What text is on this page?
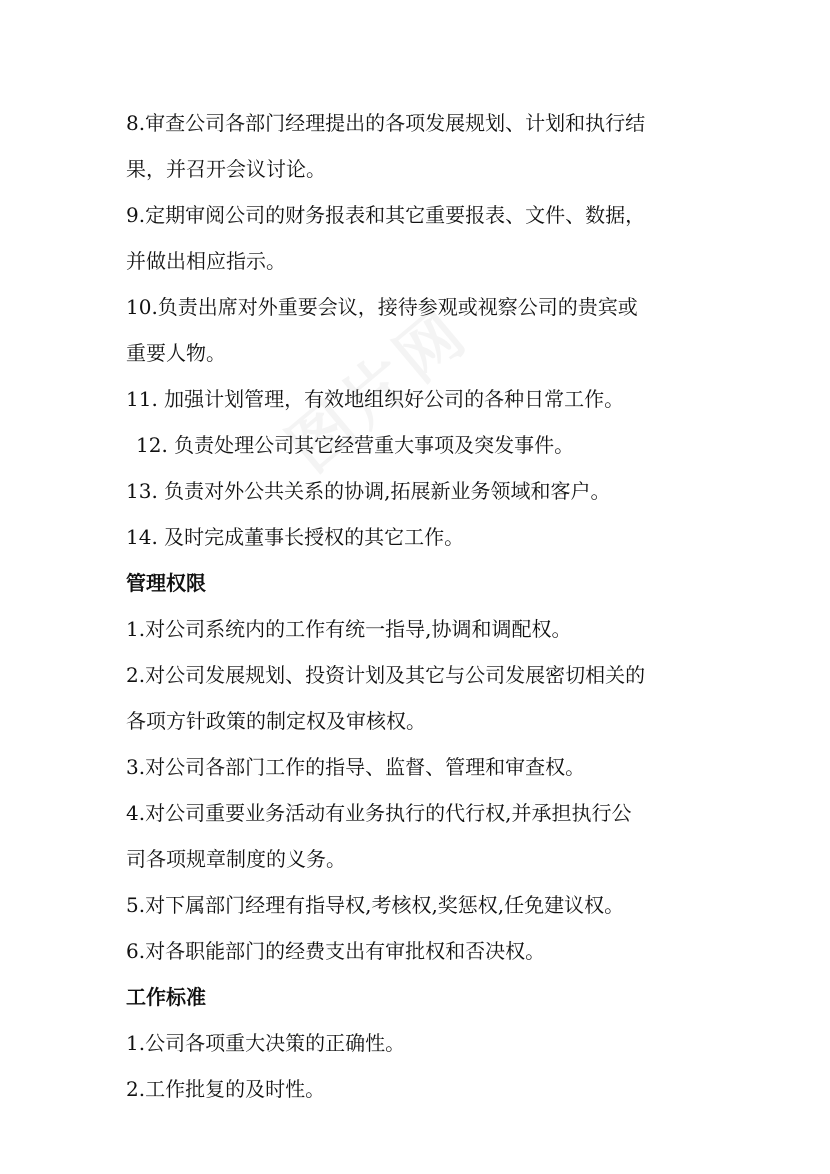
8.审查公司各部门经理提出的各项发展规划、计划和执行结
果，并召开会议讨论。
9.定期审阅公司的财务报表和其它重要报表、文件、数据，
并做出相应指示。
10.负责出席对外重要会议，接待参观或视察公司的贵宾或
重要人物。
11. 加强计划管理，有效地组织好公司的各种日常工作。
12. 负责处理公司其它经营重大事项及突发事件。
13. 负责对外公共关系的协调,拓展新业务领域和客户。
14. 及时完成董事长授权的其它工作。
管理权限
1.对公司系统内的工作有统一指导,协调和调配权。
2.对公司发展规划、投资计划及其它与公司发展密切相关的
各项方针政策的制定权及审核权。
3.对公司各部门工作的指导、监督、管理和审查权。
4.对公司重要业务活动有业务执行的代行权,并承担执行公
司各项规章制度的义务。
5.对下属部门经理有指导权,考核权,奖惩权,任免建议权。
6.对各职能部门的经费支出有审批权和否决权。
工作标准
1.公司各项重大决策的正确性。
2.工作批复的及时性。
